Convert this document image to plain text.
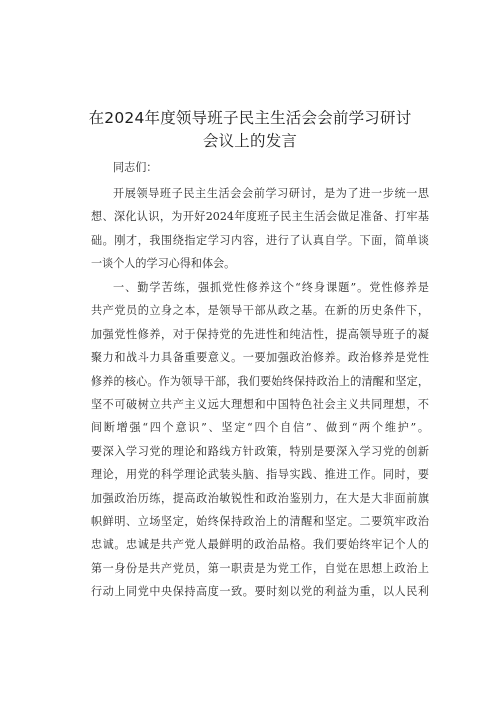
在2024年度领导班子民主生活会会前学习研讨
会议上的发言
同志们：
开展领导班子民主生活会会前学习研讨，是为了进一步统一思
想、深化认识，为开好2024年度班子民主生活会做足准备、打牢基
础。刚才，我围绕指定学习内容，进行了认真自学。下面，简单谈
一谈个人的学习心得和体会。
一、勤学苦练，强抓党性修养这个“终身课题”。党性修养是
共产党员的立身之本，是领导干部从政之基。在新的历史条件下，
加强党性修养，对于保持党的先进性和纯洁性，提高领导班子的凝
聚力和战斗力具备重要意义。一要加强政治修养。政治修养是党性
修养的核心。作为领导干部，我们要始终保持政治上的清醒和坚定，
坚不可破树立共产主义远大理想和中国特色社会主义共同理想，不
间断增强“四个意识”、坚定“四个自信”、做到“两个维护”。
要深入学习党的理论和路线方针政策，特别是要深入学习党的创新
理论，用党的科学理论武装头脑、指导实践、推进工作。同时，要
加强政治历练，提高政治敏锐性和政治鉴别力，在大是大非面前旗
帜鲜明、立场坚定，始终保持政治上的清醒和坚定。二要筑牢政治
忠诚。忠诚是共产党人最鲜明的政治品格。我们要始终牢记个人的
第一身份是共产党员，第一职责是为党工作，自觉在思想上政治上
行动上同党中央保持高度一致。要时刻以党的利益为重，以人民利
